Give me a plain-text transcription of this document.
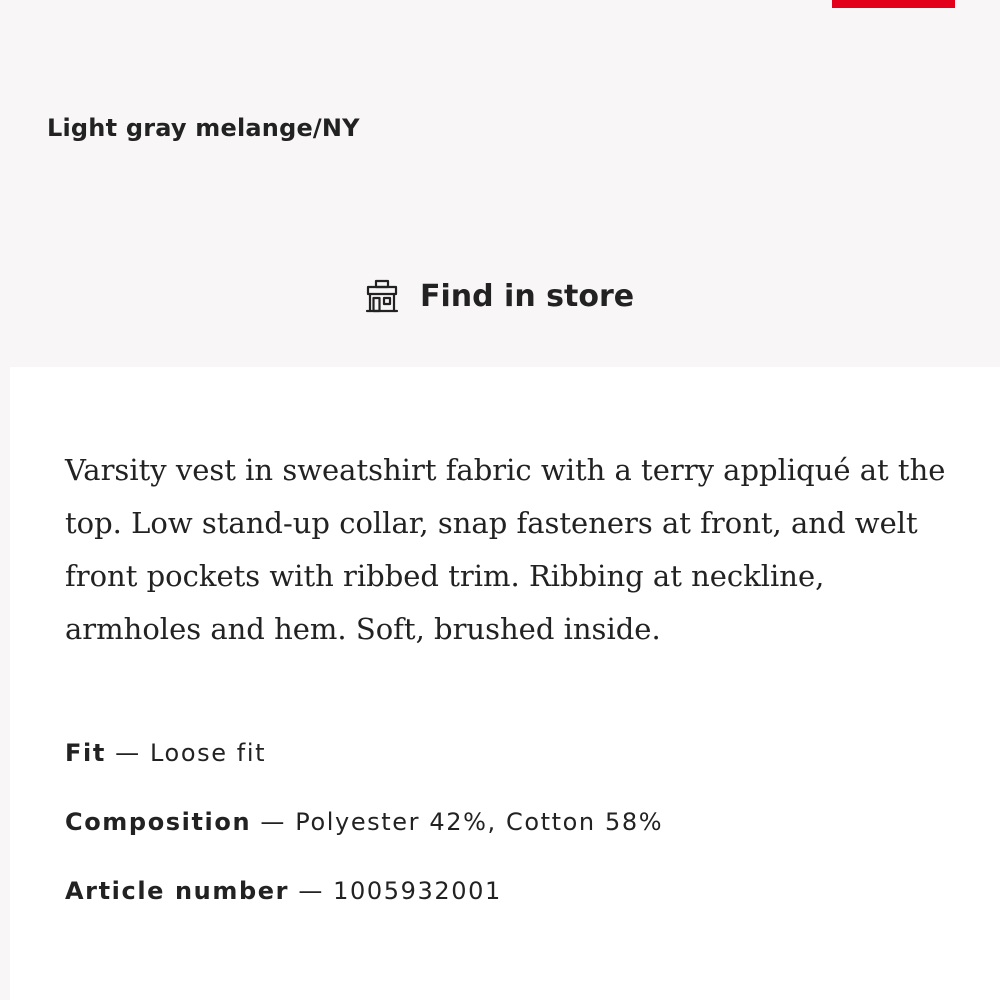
Light gray melange/NY
Find in store

Varsity vest in sweatshirt fabric with a terry appliqué at the top. Low stand-up collar, snap fasteners at front, and welt front pockets with ribbed trim. Ribbing at neckline, armholes and hem. Soft, brushed inside.

Fit — Loose fit
Composition — Polyester 42%, Cotton 58%
Article number — 1005932001
